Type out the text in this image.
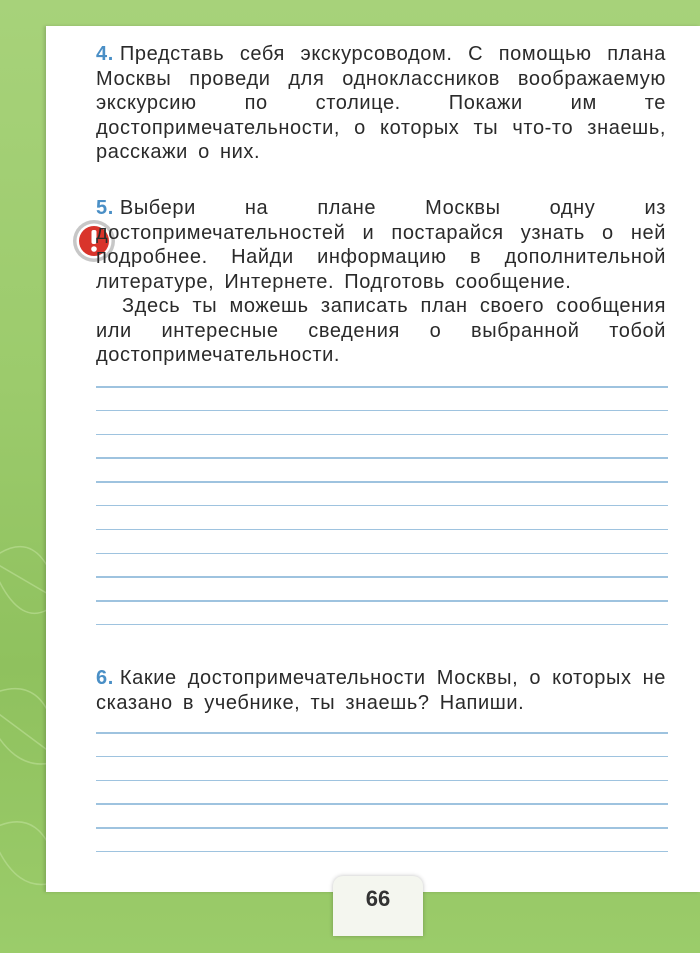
4. Представь себя экскурсоводом. С помощью плана Москвы проведи для одноклассников воображаемую экскурсию по столице. Покажи им те достопримечательности, о которых ты что-то знаешь, расскажи о них.

5. Выбери на плане Москвы одну из достопримечательностей и постарайся узнать о ней подробнее. Найди информацию в дополнительной литературе, Интернете. Подготовь сообщение.

Здесь ты можешь записать план своего сообщения или интересные сведения о выбранной тобой достопримечательности.

6. Какие достопримечательности Москвы, о которых не сказано в учебнике, ты знаешь? Напиши.

66
